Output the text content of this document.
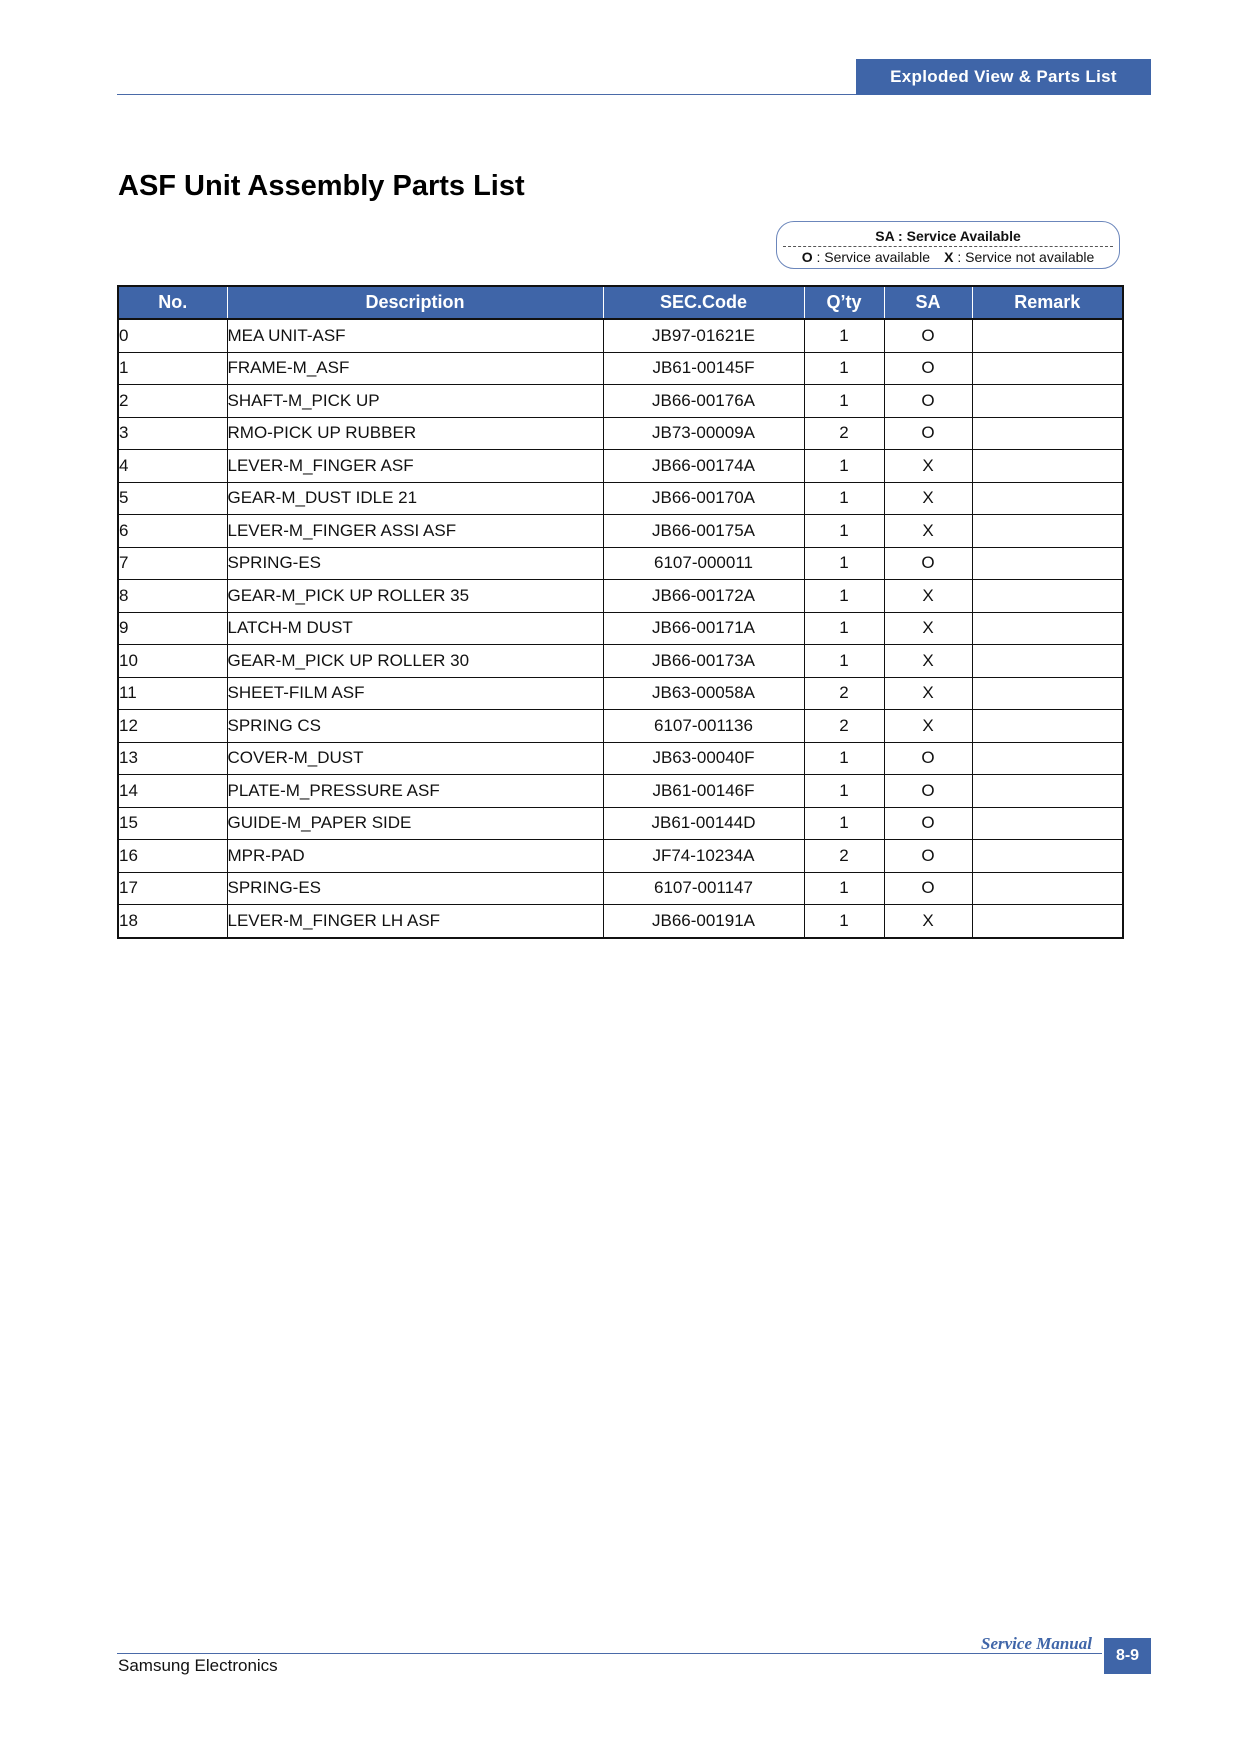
Exploded View & Parts List
ASF Unit Assembly Parts List
SA : Service Available
O : Service available X : Service not available
No.	Description	SEC.Code	Q’ty	SA	Remark
0	MEA UNIT-ASF	JB97-01621E	1	O	
1	FRAME-M_ASF	JB61-00145F	1	O	
2	SHAFT-M_PICK UP	JB66-00176A	1	O	
3	RMO-PICK UP RUBBER	JB73-00009A	2	O	
4	LEVER-M_FINGER ASF	JB66-00174A	1	X	
5	GEAR-M_DUST IDLE 21	JB66-00170A	1	X	
6	LEVER-M_FINGER ASSI ASF	JB66-00175A	1	X	
7	SPRING-ES	6107-000011	1	O	
8	GEAR-M_PICK UP ROLLER 35	JB66-00172A	1	X	
9	LATCH-M DUST	JB66-00171A	1	X	
10	GEAR-M_PICK UP ROLLER 30	JB66-00173A	1	X	
11	SHEET-FILM ASF	JB63-00058A	2	X	
12	SPRING CS	6107-001136	2	X	
13	COVER-M_DUST	JB63-00040F	1	O	
14	PLATE-M_PRESSURE ASF	JB61-00146F	1	O	
15	GUIDE-M_PAPER SIDE	JB61-00144D	1	O	
16	MPR-PAD	JF74-10234A	2	O	
17	SPRING-ES	6107-001147	1	O	
18	LEVER-M_FINGER LH ASF	JB66-00191A	1	X	
Samsung Electronics
Service Manual
8-9
